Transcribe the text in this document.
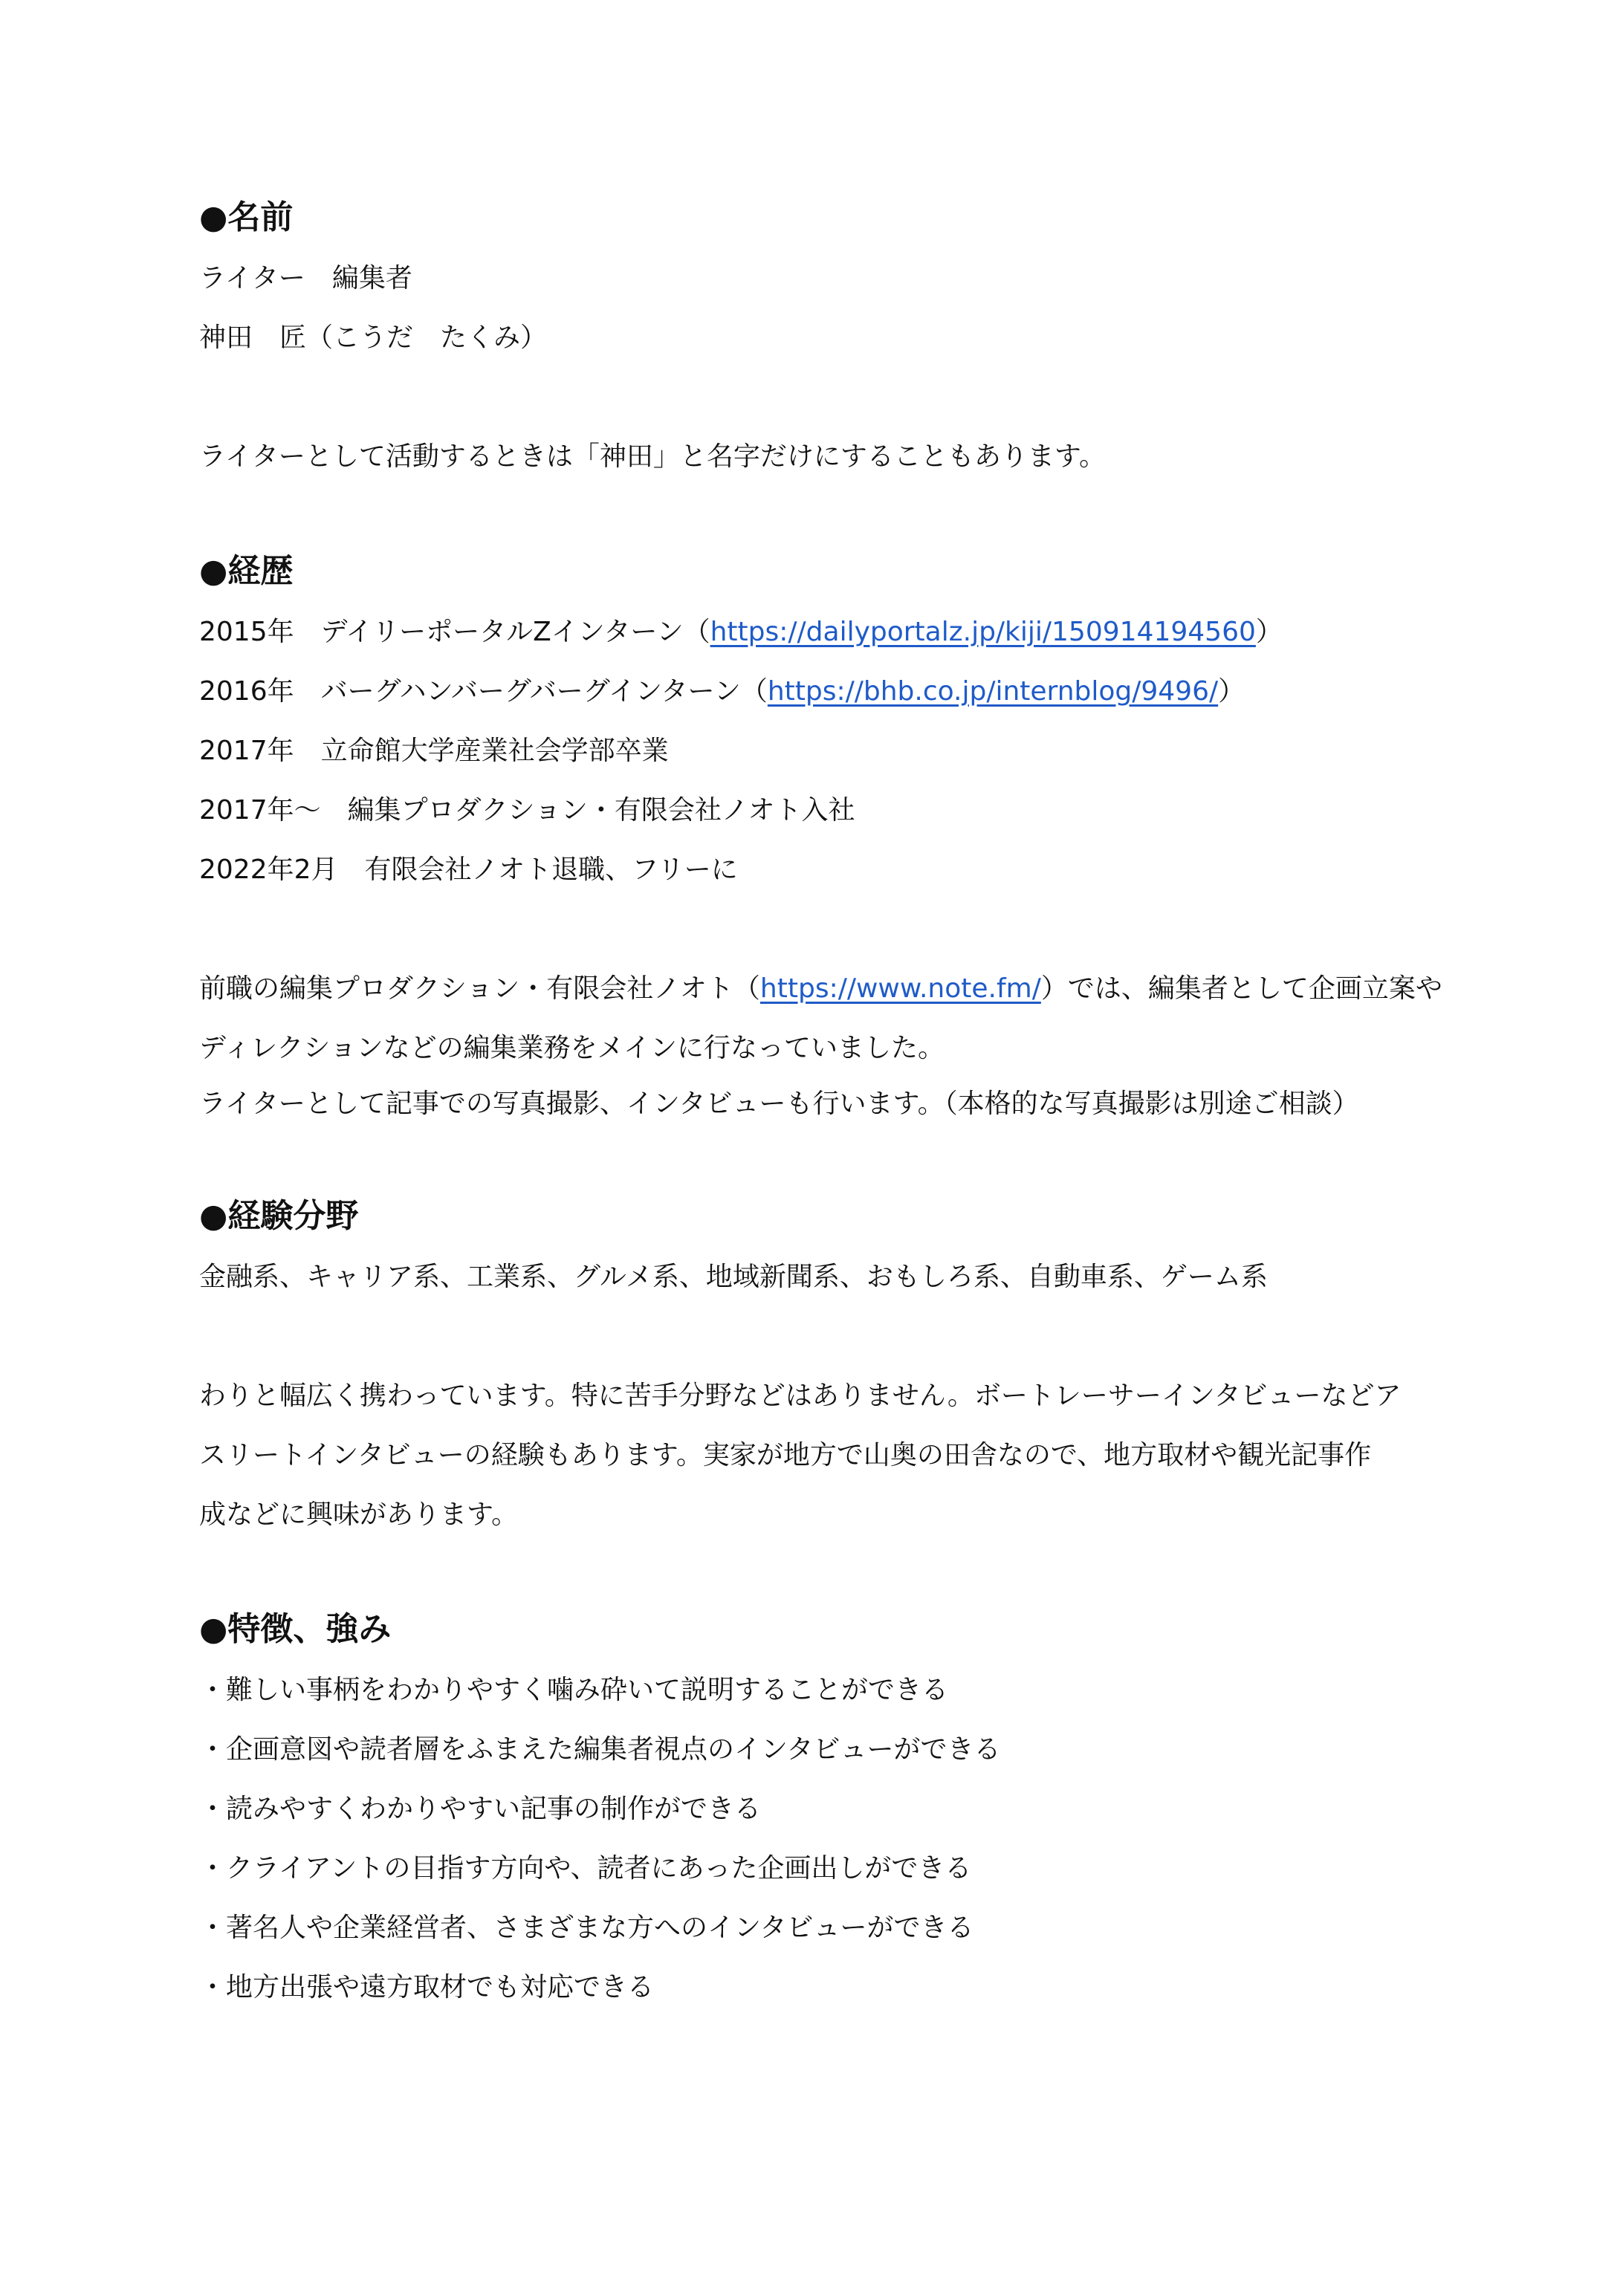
●名前

ライター　編集者

神田　匠（こうだ　たくみ）

ライターとして活動するときは「神田」と名字だけにすることもあります。

●経歴

2015年　デイリーポータルZインターン（https://dailyportalz.jp/kiji/150914194560）

2016年　バーグハンバーグバーグインターン（https://bhb.co.jp/internblog/9496/）

2017年　立命館大学産業社会学部卒業

2017年～　編集プロダクション・有限会社ノオト入社

2022年2月　有限会社ノオト退職、フリーに

前職の編集プロダクション・有限会社ノオト（https://www.note.fm/）では、編集者として企画立案や

ディレクションなどの編集業務をメインに行なっていました。

ライターとして記事での写真撮影、インタビューも行います。（本格的な写真撮影は別途ご相談）

●経験分野

金融系、キャリア系、工業系、グルメ系、地域新聞系、おもしろ系、自動車系、ゲーム系

わりと幅広く携わっています。特に苦手分野などはありません。ボートレーサーインタビューなどア

スリートインタビューの経験もあります。実家が地方で山奥の田舎なので、地方取材や観光記事作

成などに興味があります。

●特徴、強み

・難しい事柄をわかりやすく噛み砕いて説明することができる

・企画意図や読者層をふまえた編集者視点のインタビューができる

・読みやすくわかりやすい記事の制作ができる

・クライアントの目指す方向や、読者にあった企画出しができる

・著名人や企業経営者、さまざまな方へのインタビューができる

・地方出張や遠方取材でも対応できる
